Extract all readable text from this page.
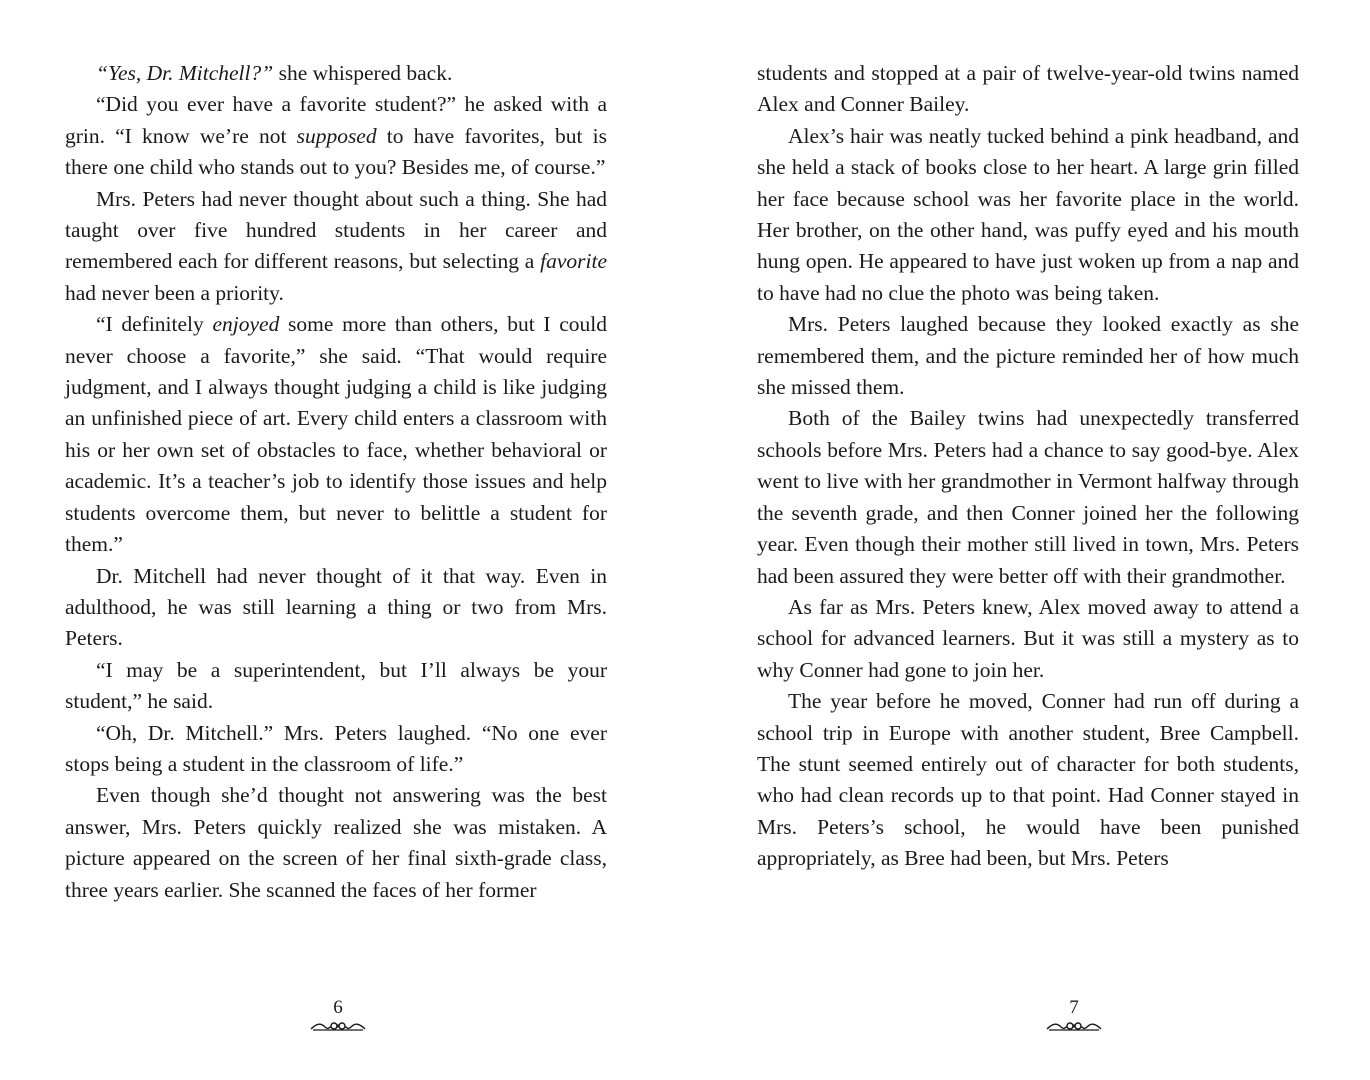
“Yes, Dr. Mitchell?” she whispered back.

“Did you ever have a favorite student?” he asked with a grin. “I know we’re not supposed to have favorites, but is there one child who stands out to you? Besides me, of course.”

Mrs. Peters had never thought about such a thing. She had taught over five hundred students in her career and remembered each for different reasons, but selecting a favorite had never been a priority.

“I definitely enjoyed some more than others, but I could never choose a favorite,” she said. “That would require judgment, and I always thought judging a child is like judging an unfinished piece of art. Every child enters a classroom with his or her own set of obstacles to face, whether behavioral or academic. It’s a teacher’s job to identify those issues and help students overcome them, but never to belittle a student for them.”

Dr. Mitchell had never thought of it that way. Even in adulthood, he was still learning a thing or two from Mrs. Peters.

“I may be a superintendent, but I’ll always be your student,” he said.

“Oh, Dr. Mitchell.” Mrs. Peters laughed. “No one ever stops being a student in the classroom of life.”

Even though she’d thought not answering was the best answer, Mrs. Peters quickly realized she was mistaken. A picture appeared on the screen of her final sixth-grade class, three years earlier. She scanned the faces of her former

6

students and stopped at a pair of twelve-year-old twins named Alex and Conner Bailey.

Alex’s hair was neatly tucked behind a pink headband, and she held a stack of books close to her heart. A large grin filled her face because school was her favorite place in the world. Her brother, on the other hand, was puffy eyed and his mouth hung open. He appeared to have just woken up from a nap and to have had no clue the photo was being taken.

Mrs. Peters laughed because they looked exactly as she remembered them, and the picture reminded her of how much she missed them.

Both of the Bailey twins had unexpectedly transferred schools before Mrs. Peters had a chance to say good-bye. Alex went to live with her grandmother in Vermont halfway through the seventh grade, and then Conner joined her the following year. Even though their mother still lived in town, Mrs. Peters had been assured they were better off with their grandmother.

As far as Mrs. Peters knew, Alex moved away to attend a school for advanced learners. But it was still a mystery as to why Conner had gone to join her.

The year before he moved, Conner had run off during a school trip in Europe with another student, Bree Campbell. The stunt seemed entirely out of character for both students, who had clean records up to that point. Had Conner stayed in Mrs. Peters’s school, he would have been punished appropriately, as Bree had been, but Mrs. Peters

7
